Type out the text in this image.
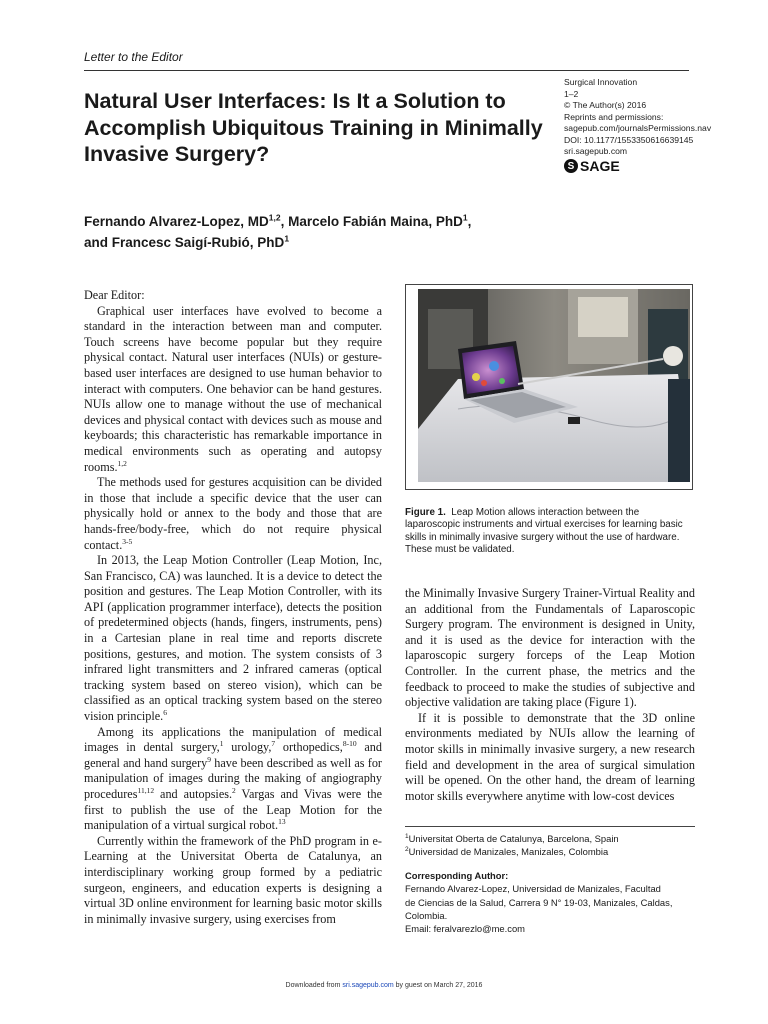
Letter to the Editor
Natural User Interfaces: Is It a Solution to Accomplish Ubiquitous Training in Minimally Invasive Surgery?
Surgical Innovation
1–2
© The Author(s) 2016
Reprints and permissions:
sagepub.com/journalsPermissions.nav
DOI: 10.1177/1553350616639145
sri.sagepub.com
S SAGE
Fernando Alvarez-Lopez, MD$^{1,2}$, Marcelo Fabián Maina, PhD$^1$,
and Francesc Saigí-Rubió, PhD$^1$

Dear Editor:

Graphical user interfaces have evolved to become a standard in the interaction between man and computer. Touch screens have become popular but they require physical contact. Natural user interfaces (NUIs) or gesture-based user interfaces are designed to use human behavior to interact with computers. One behavior can be hand gestures. NUIs allow one to manage without the use of mechanical devices and physical contact with devices such as mouse and keyboards; this characteristic has remarkable importance in medical environments such as operating and autopsy rooms.$^{1,2}$

The methods used for gestures acquisition can be divided in those that include a specific device that the user can physically hold or annex to the body and those that are hands-free/body-free, which do not require physical contact.$^{3-5}$

In 2013, the Leap Motion Controller (Leap Motion, Inc, San Francisco, CA) was launched. It is a device to detect the position and gestures. The Leap Motion Controller, with its API (application programmer interface), detects the position of predetermined objects (hands, fingers, instruments, pens) in a Cartesian plane in real time and reports discrete positions, gestures, and motion. The system consists of 3 infrared light transmitters and 2 infrared cameras (optical tracking system based on stereo vision), which can be classified as an optical tracking system based on the stereo vision principle.$^6$

Among its applications the manipulation of medical images in dental surgery,$^1$ urology,$^7$ orthopedics,$^{8-10}$ and general and hand surgery$^9$ have been described as well as for manipulation of images during the making of angiography procedures$^{11,12}$ and autopsies.$^2$ Vargas and Vivas were the first to publish the use of the Leap Motion for the manipulation of a virtual surgical robot.$^{13}$

Currently within the framework of the PhD program in e-Learning at the Universitat Oberta de Catalunya, an interdisciplinary working group formed by a pediatric surgeon, engineers, and education experts is designing a virtual 3D online environment for learning basic motor skills in minimally invasive surgery, using exercises from

Figure 1. Leap Motion allows interaction between the laparoscopic instruments and virtual exercises for learning basic skills in minimally invasive surgery without the use of hardware. These must be validated.

the Minimally Invasive Surgery Trainer-Virtual Reality and an additional from the Fundamentals of Laparoscopic Surgery program. The environment is designed in Unity, and it is used as the device for interaction with the laparoscopic surgery forceps of the Leap Motion Controller. In the current phase, the metrics and the feedback to proceed to make the studies of subjective and objective validation are taking place (Figure 1).

If it is possible to demonstrate that the 3D online environments mediated by NUIs allow the learning of motor skills in minimally invasive surgery, a new research field and development in the area of surgical simulation will be opened. On the other hand, the dream of learning motor skills everywhere anytime with low-cost devices

$^1$Universitat Oberta de Catalunya, Barcelona, Spain
$^2$Universidad de Manizales, Manizales, Colombia
Corresponding Author:
Fernando Alvarez-Lopez, Universidad de Manizales, Facultad
de Ciencias de la Salud, Carrera 9 N° 19-03, Manizales, Caldas,
Colombia.
Email: feralvarezlo@me.com
Downloaded from sri.sagepub.com by guest on March 27, 2016
